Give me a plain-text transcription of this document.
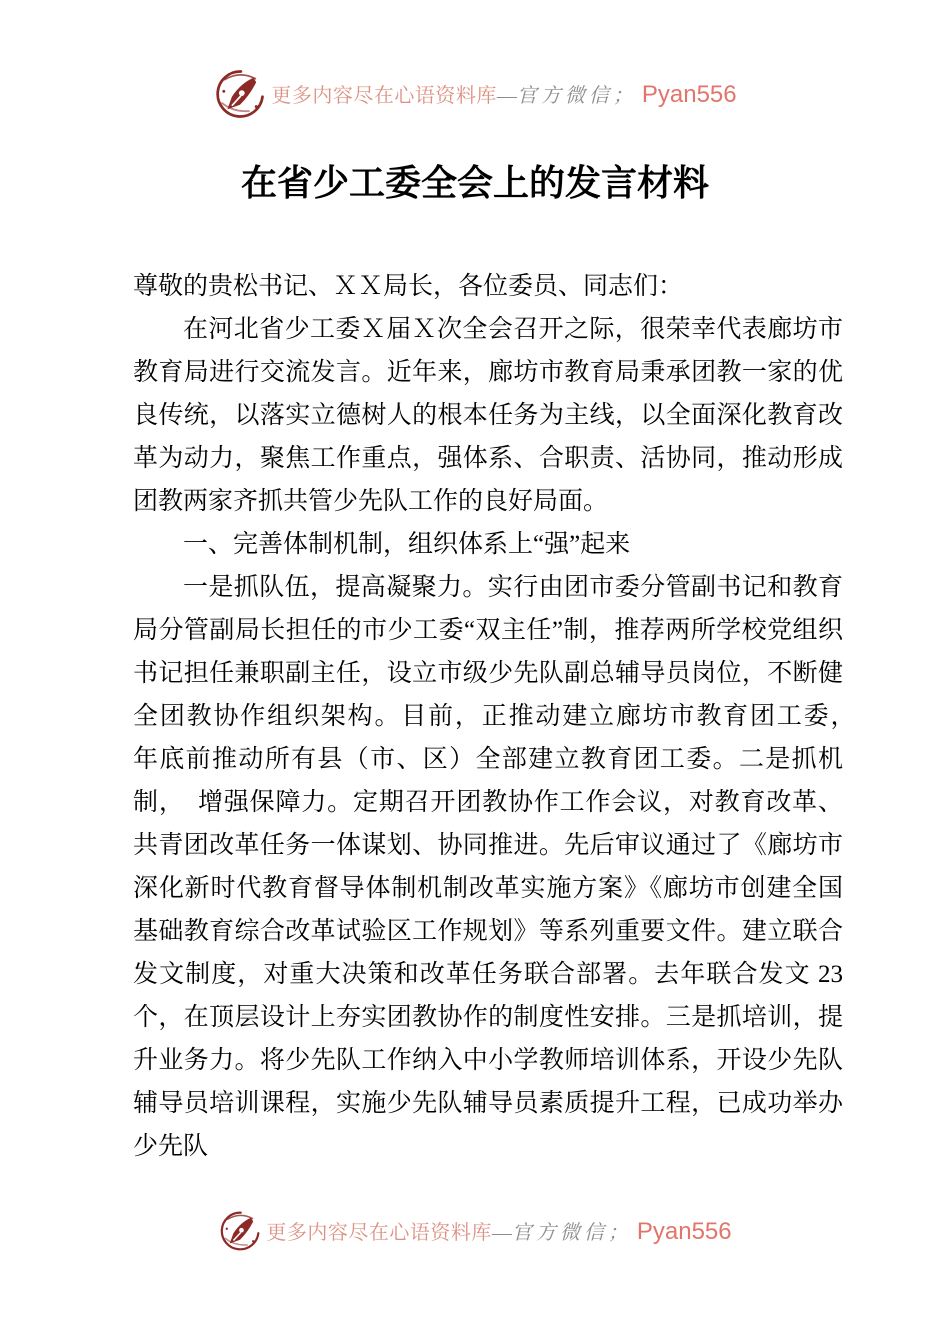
更多内容尽在心语资料库—官方微信； Pyan556
在省少工委全会上的发言材料

尊敬的贵松书记、ＸＸ局长，各位委员、同志们：

在河北省少工委Ｘ届Ｘ次全会召开之际，很荣幸代表廊坊市教育局进行交流发言。近年来，廊坊市教育局秉承团教一家的优良传统，以落实立德树人的根本任务为主线，以全面深化教育改革为动力，聚焦工作重点，强体系、合职责、活协同，推动形成团教两家齐抓共管少先队工作的良好局面。

一、完善体制机制，组织体系上“强”起来

一是抓队伍，提高凝聚力。实行由团市委分管副书记和教育局分管副局长担任的市少工委“双主任”制，推荐两所学校党组织书记担任兼职副主任，设立市级少先队副总辅导员岗位，不断健全团教协作组织架构。目前，正推动建立廊坊市教育团工委，　年底前推动所有县（市、区）全部建立教育团工委。二是抓机制，　增强保障力。定期召开团教协作工作会议，对教育改革、共青团改革任务一体谋划、协同推进。先后审议通过了《廊坊市深化新时代教育督导体制机制改革实施方案》《廊坊市创建全国基础教育综合改革试验区工作规划》等系列重要文件。建立联合发文制度，对重大决策和改革任务联合部署。去年联合发文 23 个，在顶层设计上夯实团教协作的制度性安排。三是抓培训，提升业务力。将少先队工作纳入中小学教师培训体系，开设少先队辅导员培训课程，实施少先队辅导员素质提升工程，已成功举办少先队

更多内容尽在心语资料库—官方微信； Pyan556
